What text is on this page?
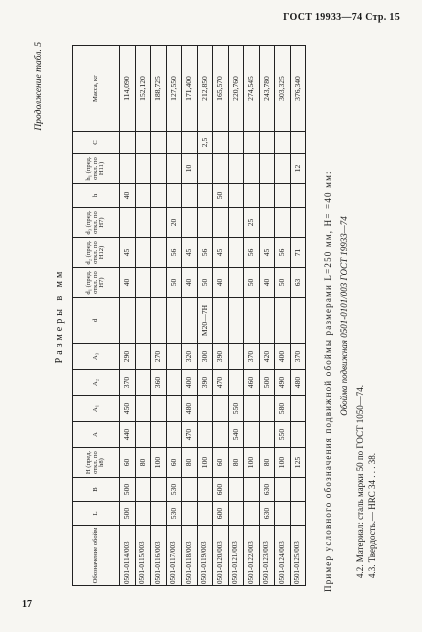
ГОСТ 19933—74 Стр. 15
Продолжение табл. 5
Размеры в мм
Обозначение обойм	L	B	H (пред. откл. по h8)	A	A₁	A₂	A₃	d	d₁ (пред. откл. по H7)	d₂ (пред. откл. по H12)	d₃ (пред. откл. по H7)	h	h₁ (пред. откл. по H11)	C	Масса, кг
0501-0114/003	500	500	60	440	450	370	290		40	45		40			114,090
0501-0115/003			80												152,120
0501-0116/003			100			360	270								188,725
0501-0117/003	530	530	60						50	56	20				127,550
0501-0118/003			80	470	480	400	320		40	45			10		171,400
0501-0119/003			100			390	300	M20—7H	50	56				2,5	212,850
0501-0120/003	600	600	60			470	390		40	45		50			165,570
0501-0121/003			80	540	550										220,760
0501-0122/003			100			460	370		50	56	25				274,545
0501-0123/003	630	630	80			500	420		40	45					243,780
0501-0124/003			100	550	580	490	400		50	56					303,325
0501-0125/003			125			480	370		63	71			12		376,340

Пример условного обозначения подвижной обоймы размерами L=250 мм, H= =40 мм: Обойма подвижная 0501-0101/003 ГОСТ 19933—74

4.2. Материал: сталь марки 50 по ГОСТ 1050—74. 4.3. Твердость.— HRC 34 . . . 38.

17
